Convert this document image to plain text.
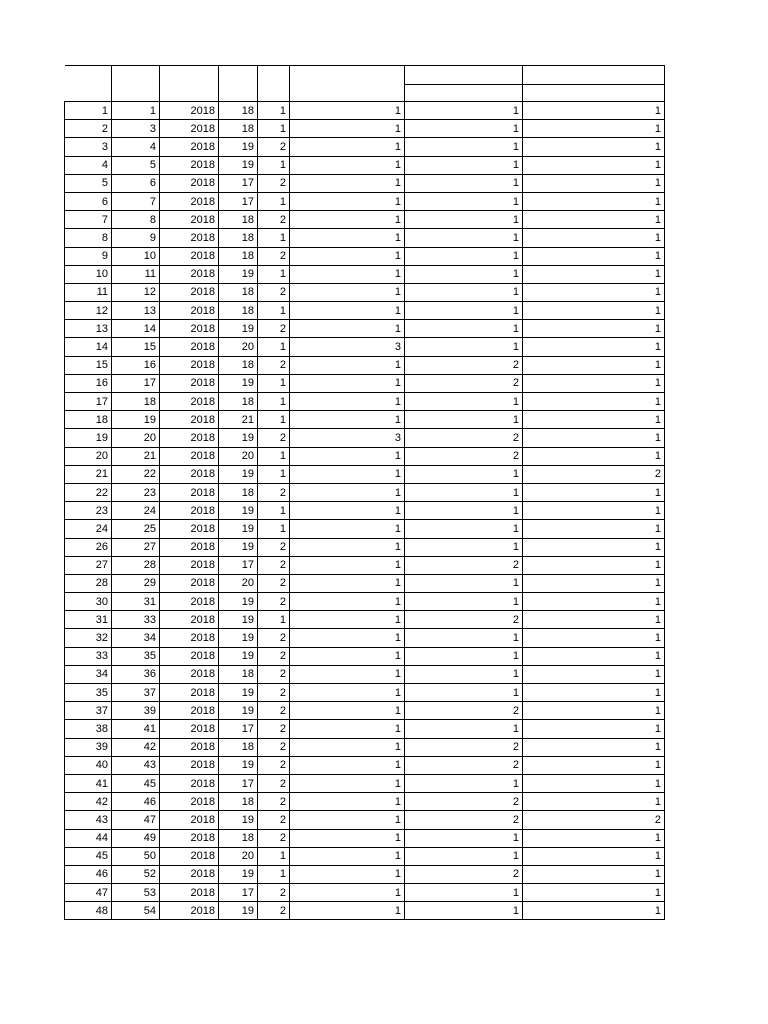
1	1	2018	18	1	1	1	1
2	3	2018	18	1	1	1	1
3	4	2018	19	2	1	1	1
4	5	2018	19	1	1	1	1
5	6	2018	17	2	1	1	1
6	7	2018	17	1	1	1	1
7	8	2018	18	2	1	1	1
8	9	2018	18	1	1	1	1
9	10	2018	18	2	1	1	1
10	11	2018	19	1	1	1	1
11	12	2018	18	2	1	1	1
12	13	2018	18	1	1	1	1
13	14	2018	19	2	1	1	1
14	15	2018	20	1	3	1	1
15	16	2018	18	2	1	2	1
16	17	2018	19	1	1	2	1
17	18	2018	18	1	1	1	1
18	19	2018	21	1	1	1	1
19	20	2018	19	2	3	2	1
20	21	2018	20	1	1	2	1
21	22	2018	19	1	1	1	2
22	23	2018	18	2	1	1	1
23	24	2018	19	1	1	1	1
24	25	2018	19	1	1	1	1
26	27	2018	19	2	1	1	1
27	28	2018	17	2	1	2	1
28	29	2018	20	2	1	1	1
30	31	2018	19	2	1	1	1
31	33	2018	19	1	1	2	1
32	34	2018	19	2	1	1	1
33	35	2018	19	2	1	1	1
34	36	2018	18	2	1	1	1
35	37	2018	19	2	1	1	1
37	39	2018	19	2	1	2	1
38	41	2018	17	2	1	1	1
39	42	2018	18	2	1	2	1
40	43	2018	19	2	1	2	1
41	45	2018	17	2	1	1	1
42	46	2018	18	2	1	2	1
43	47	2018	19	2	1	2	2
44	49	2018	18	2	1	1	1
45	50	2018	20	1	1	1	1
46	52	2018	19	1	1	2	1
47	53	2018	17	2	1	1	1
48	54	2018	19	2	1	1	1
